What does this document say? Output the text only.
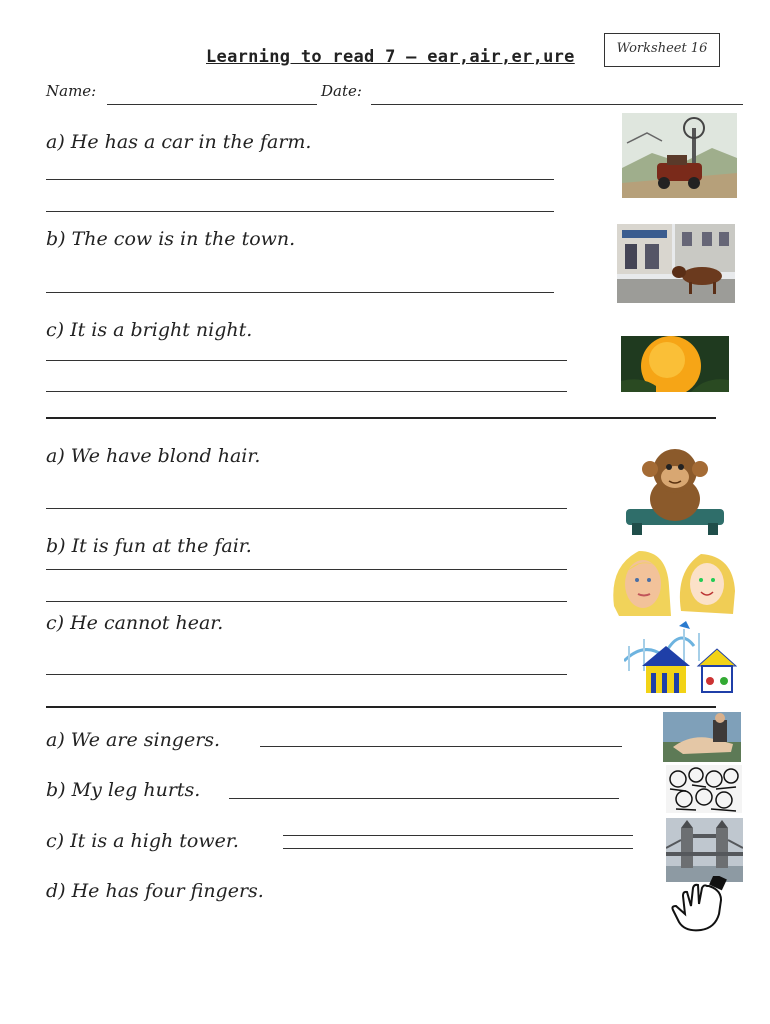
Learning to read 7 – ear,air,er,ure	Worksheet 16
Name:	Date:
a) He has a car in the farm.
b) The cow is in the town.
c) It is a bright night.
a) We have blond hair.
b) It is fun at the fair.
c) He cannot hear.
a) We are singers.
b) My leg hurts.
c) It is a high tower.
d) He has four fingers.
